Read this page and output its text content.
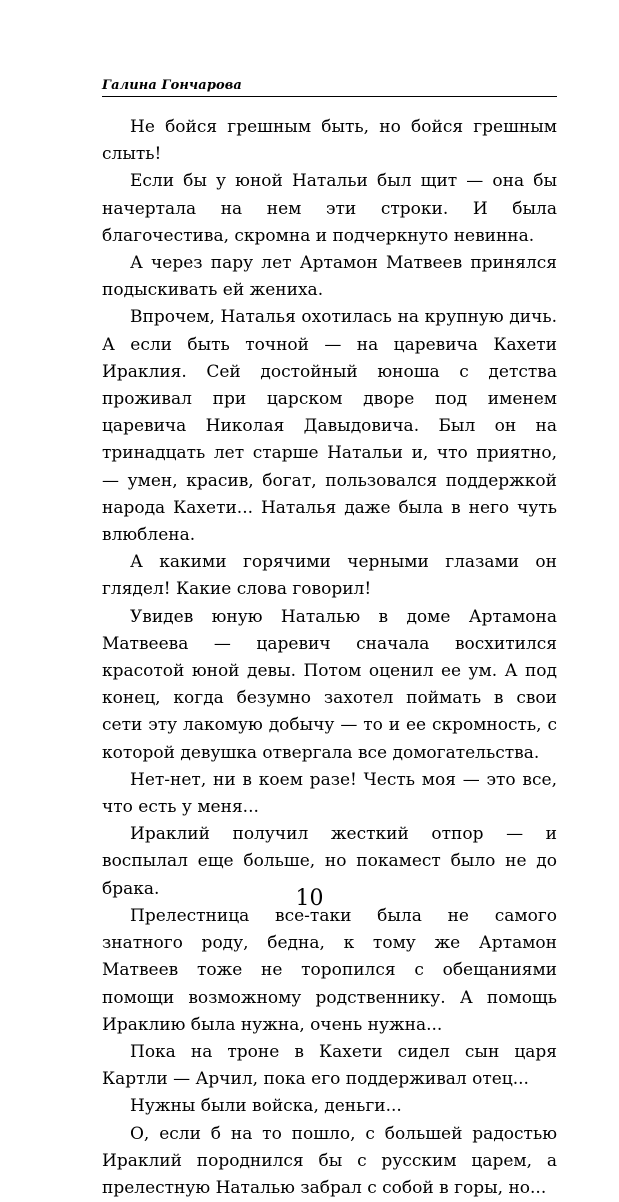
Галина Гончарова

Не бойся грешным быть, но бойся грешным слыть!

Если бы у юной Натальи был щит — она бы начертала на нем эти строки. И была благочестива, скромна и подчеркнуто невинна.

А через пару лет Артамон Матвеев принялся подыскивать ей жениха.

Впрочем, Наталья охотилась на крупную дичь. А если быть точной — на царевича Кахети Ираклия. Сей достойный юноша с детства проживал при царском дворе под именем царевича Николая Давыдовича. Был он на тринадцать лет старше Натальи и, что приятно, — умен, красив, богат, пользовался поддержкой народа Кахети... Наталья даже была в него чуть влюблена.

А какими горячими черными глазами он глядел! Какие слова говорил!

Увидев юную Наталью в доме Артамона Матвеева — царевич сначала восхитился красотой юной девы. Потом оценил ее ум. А под конец, когда безумно захотел поймать в свои сети эту лакомую добычу — то и ее скромность, с которой девушка отвергала все домогательства.

Нет-нет, ни в коем разе! Честь моя — это все, что есть у меня...

Ираклий получил жесткий отпор — и воспылал еще больше, но покамест было не до брака.

Прелестница все-таки была не самого знатного роду, бедна, к тому же Артамон Матвеев тоже не торопился с обещаниями помощи возможному родственнику. А помощь Ираклию была нужна, очень нужна...

Пока на троне в Кахети сидел сын царя Картли — Арчил, пока его поддерживал отец...

Нужны были войска, деньги...

О, если б на то пошло, с большей радостью Ираклий породнился бы с русским царем, а прелестную Наталью забрал с собой в горы, но...

10
